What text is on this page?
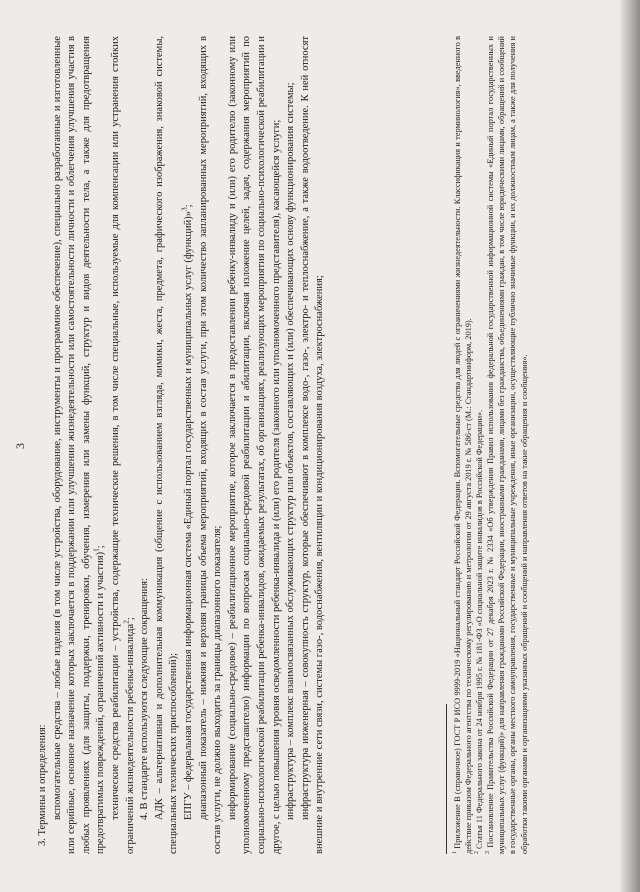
3

3. Термины и определения: вспомогательные средства – любые изделия (в том числе устройства, оборудование, инструменты и программное обеспечение), специально разработанные и изготовленные или серийные, основное назначение которых заключается в поддержании или улучшении жизнедеятельности или самостоятельности личности и облегчения улучшения участия в любых проявлениях (для защиты, поддержки, тренировки, обучения, измерения или замены функций, структур и видов деятельности тела, а также для предотвращения предотвратимых повреждений, ограничений активности и участия)$^1$; технические средства реабилитации – устройства, содержащие технические решения, в том числе специальные, используемые для компенсации или устранения стойких ограничений жизнедеятельности ребенка-инвалида$^2$; 4. В стандарте используются следующие сокращения: АДК – альтернативная и дополнительная коммуникация (общение с использованием взгляда, мимики, жеста, предмета, графического изображения, знаковой системы, специальных технических приспособлений); ЕПГУ – федеральная государственная информационная система «Единый портал государственных и муниципальных услуг (функций)»$^3$; диапазонный показатель – нижняя и верхняя границы объема мероприятий, входящих в состав услуги, при этом количество запланированных мероприятий, входящих в состав услуги, не должно выходить за границы диапазонного показателя; информирование (социально-средовое) – реабилитационное мероприятие, которое заключается в предоставлении ребенку-инвалиду и (или) его родителю (законному или уполномоченному представителю) информации по вопросам социально-средовой реабилитации и абилитации, включая изложение целей, задач, содержания мероприятий по социально-психологической реабилитации ребенка-инвалидов, ожидаемых результатах, об организациях, реализующих мероприятия по социально-психологической реабилитации и другое, с целью повышения уровня осведомленности ребенка-инвалида и (или) его родителя (законного или уполномоченного представителя), касающейся услуги; инфраструктура – комплекс взаимосвязанных обслуживающих структур или объектов, составляющих и (или) обеспечивающих основу функционирования системы; инфраструктура инженерная – совокупность структур, которые обеспечивают в комплексе водо-, газо-, электро- и теплоснабжение, а также водоотведение. К ней относят внешние и внутренние сети связи, системы газо-, водоснабжения, вентиляции и кондиционирования воздуха, электроснабжения;	$^1$ Приложение В (справочное) ГОСТ Р ИСО 9999-2019 «Национальный стандарт Российской Федерации. Вспомогательные средства для людей с ограничениями жизнедеятельности. Классификация и терминология», введенного в действие приказом Федерального агентства по техническому регулированию и метрологии от 29 августа 2019 г. № 586-ст (М.: Стандартинформ, 2019). $^2$ Статья 11 Федерального закона от 24 ноября 1995 г. № 181-ФЗ «О социальной защите инвалидов в Российской Федерации».

$^3$ Постановление Правительства Российской Федерации от 27 декабря 2023 г. № 2334 «Об утверждении Правил использования федеральной государственной информационной системы «Единый портал государственных и муниципальных услуг (функций)» для направления гражданами Российской Федерации, иностранными гражданами, лицами без гражданства, объединениями граждан, в том числе юридическими лицами, обращений и сообщений в государственные органы, органы местного самоуправления, государственные и муниципальные учреждения, иные организации, осуществляющие публично значимые функции, и их должностным лицам, а также для получения и обработки такими органами и организациями указанных обращений и сообщений и направления ответов на такие обращения и сообщения».
